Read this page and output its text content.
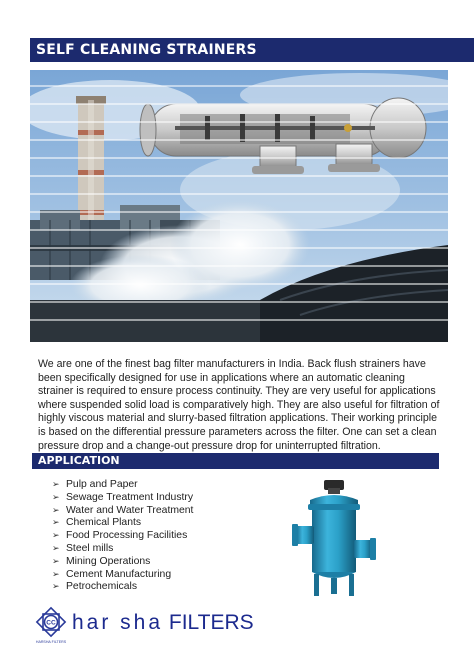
SELF CLEANING STRAINERS

We are one of the finest bag filter manufacturers in India. Back flush strainers have been specifically designed for use in applications where an automatic cleaning strainer is required to ensure process continuity. They are very useful for applications where suspended solid load is comparatively high. They are also useful for filtration of highly viscous material and slurry-based filtration applications. Their working principle is based on the differential pressure parameters across the filter. One can set a clean pressure drop and a change-out pressure drop for uninterrupted filtration.

APPLICATION
➢ Pulp and Paper
➢ Sewage Treatment Industry
➢ Water and Water Treatment
➢ Chemical Plants
➢ Food Processing Facilities
➢ Steel mills
➢ Mining Operations
➢ Cement Manufacturing
➢ Petrochemicals
CC
HARSHA FILTERS
har sha FILTERS
